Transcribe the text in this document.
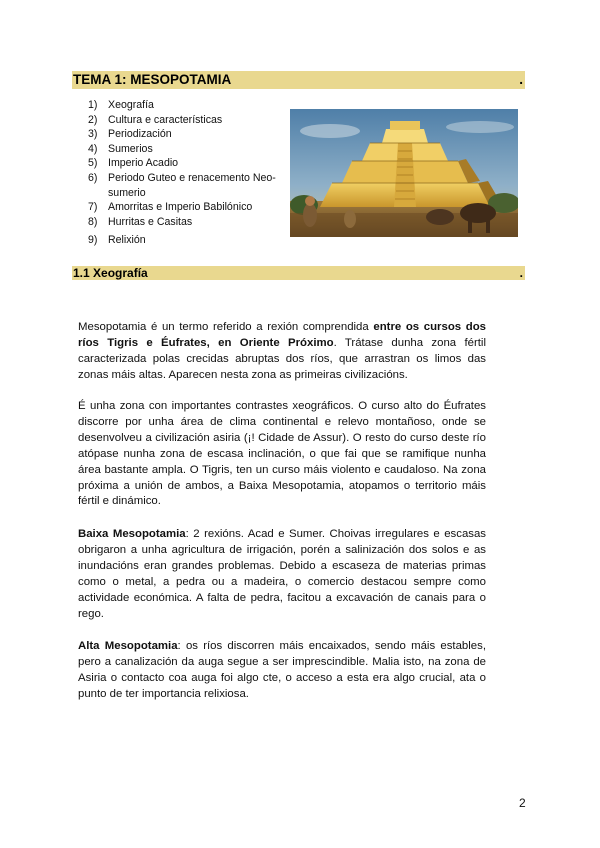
TEMA 1: MESOPOTAMIA	.
1) Xeografía
2) Cultura e características
3) Periodización
4) Sumerios
5) Imperio Acadio
6) Periodo Guteo e renacemento Neo-sumerio
7) Amorritas e Imperio Babilónico
8) Hurritas e Casitas
9) Relixión
1.1 Xeografía	.

Mesopotamia é un termo referido a rexión comprendida entre os cursos dos ríos Tigris e Éufrates, en Oriente Próximo. Trátase dunha zona fértil caracterizada polas crecidas abruptas dos ríos, que arrastran os limos das zonas máis altas. Aparecen nesta zona as primeiras civilizacións.

É unha zona con importantes contrastes xeográficos. O curso alto do Éufrates discorre por unha área de clima continental e relevo montañoso, onde se desenvolveu a civilización asiria (¡! Cidade de Assur). O resto do curso deste río atópase nunha zona de escasa inclinación, o que fai que se ramifique nunha área bastante ampla. O Tigris, ten un curso máis violento e caudaloso. Na zona próxima a unión de ambos, a Baixa Mesopotamia, atopamos o territorio máis fértil e dinámico.

Baixa Mesopotamia: 2 rexións. Acad e Sumer. Choivas irregulares e escasas obrigaron a unha agricultura de irrigación, porén a salinización dos solos e as inundacións eran grandes problemas. Debido a escaseza de materias primas como o metal, a pedra ou a madeira, o comercio destacou sempre como actividade económica. A falta de pedra, facitou a excavación de canais para o rego.

Alta Mesopotamia: os ríos discorren máis encaixados, sendo máis estables, pero a canalización da auga segue a ser imprescindible. Malia isto, na zona de Asiria o contacto coa auga foi algo cte, o acceso a esta era algo crucial, ata o punto de ter importancia relixiosa.

2
